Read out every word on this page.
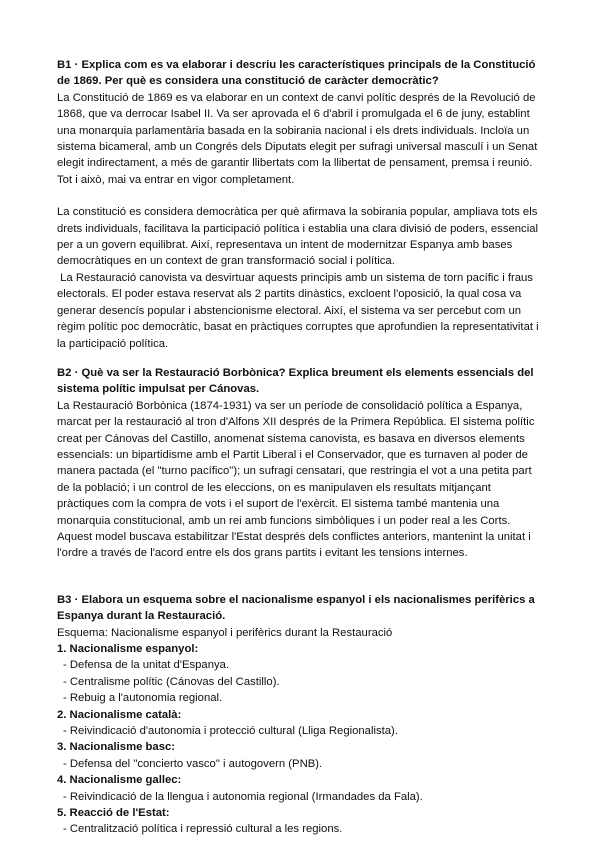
B1 · Explica com es va elaborar i descriu les característiques principals de la Constitució de 1869. Per què es considera una constitució de caràcter democràtic?

La Constitució de 1869 es va elaborar en un context de canvi polític després de la Revolució de 1868, que va derrocar Isabel II. Va ser aprovada el 6 d'abril i promulgada el 6 de juny, establint una monarquia parlamentària basada en la sobirania nacional i els drets individuals. Incloïa un sistema bicameral, amb un Congrés dels Diputats elegit per sufragi universal masculí i un Senat elegit indirectament, a més de garantir llibertats com la llibertat de pensament, premsa i reunió. Tot i això, mai va entrar en vigor completament.

La constitució es considera democràtica per què afirmava la sobirania popular, ampliava tots els drets individuals, facilitava la participació política i establia una clara divisió de poders, essencial per a un govern equilibrat. Així, representava un intent de modernitzar Espanya amb bases democràtiques en un context de gran transformació social i política.

La Restauració canovista va desvirtuar aquests principis amb un sistema de torn pacífic i fraus electorals. El poder estava reservat als 2 partits dinàstics, excloent l'oposició, la qual cosa va generar desencís popular i abstencionisme electoral. Així, el sistema va ser percebut com un règim polític poc democràtic, basat en pràctiques corruptes que aprofundien la representativitat i la participació política.

B2 · Què va ser la Restauració Borbònica? Explica breument els elements essencials del sistema polític impulsat per Cánovas.

La Restauració Borbònica (1874-1931) va ser un període de consolidació política a Espanya, marcat per la restauració al tron d'Alfons XII després de la Primera República. El sistema polític creat per Cánovas del Castillo, anomenat sistema canovista, es basava en diversos elements essencials: un bipartidisme amb el Partit Liberal i el Conservador, que es turnaven al poder de manera pactada (el "turno pacífico"); un sufragi censatari, que restringia el vot a una petita part de la població; i un control de les eleccions, on es manipulaven els resultats mitjançant pràctiques com la compra de vots i el suport de l'exèrcit. El sistema també mantenia una monarquia constitucional, amb un rei amb funcions simbòliques i un poder real a les Corts. Aquest model buscava estabilitzar l'Estat després dels conflictes anteriors, mantenint la unitat i l'ordre a través de l'acord entre els dos grans partits i evitant les tensions internes.

B3 · Elabora un esquema sobre el nacionalisme espanyol i els nacionalismes perifèrics a Espanya durant la Restauració.

Esquema: Nacionalisme espanyol i perifèrics durant la Restauració

1. Nacionalisme espanyol:

- Defensa de la unitat d'Espanya.

- Centralisme polític (Cánovas del Castillo).

- Rebuig a l'autonomia regional.

2. Nacionalisme català:

- Reivindicació d'autonomia i protecció cultural (Lliga Regionalista).

3. Nacionalisme basc:

- Defensa del "concierto vasco" i autogovern (PNB).

4. Nacionalisme gallec:

- Reivindicació de la llengua i autonomia regional (Irmandades da Fala).

5. Reacció de l'Estat:

- Centralització política i repressió cultural a les regions.
